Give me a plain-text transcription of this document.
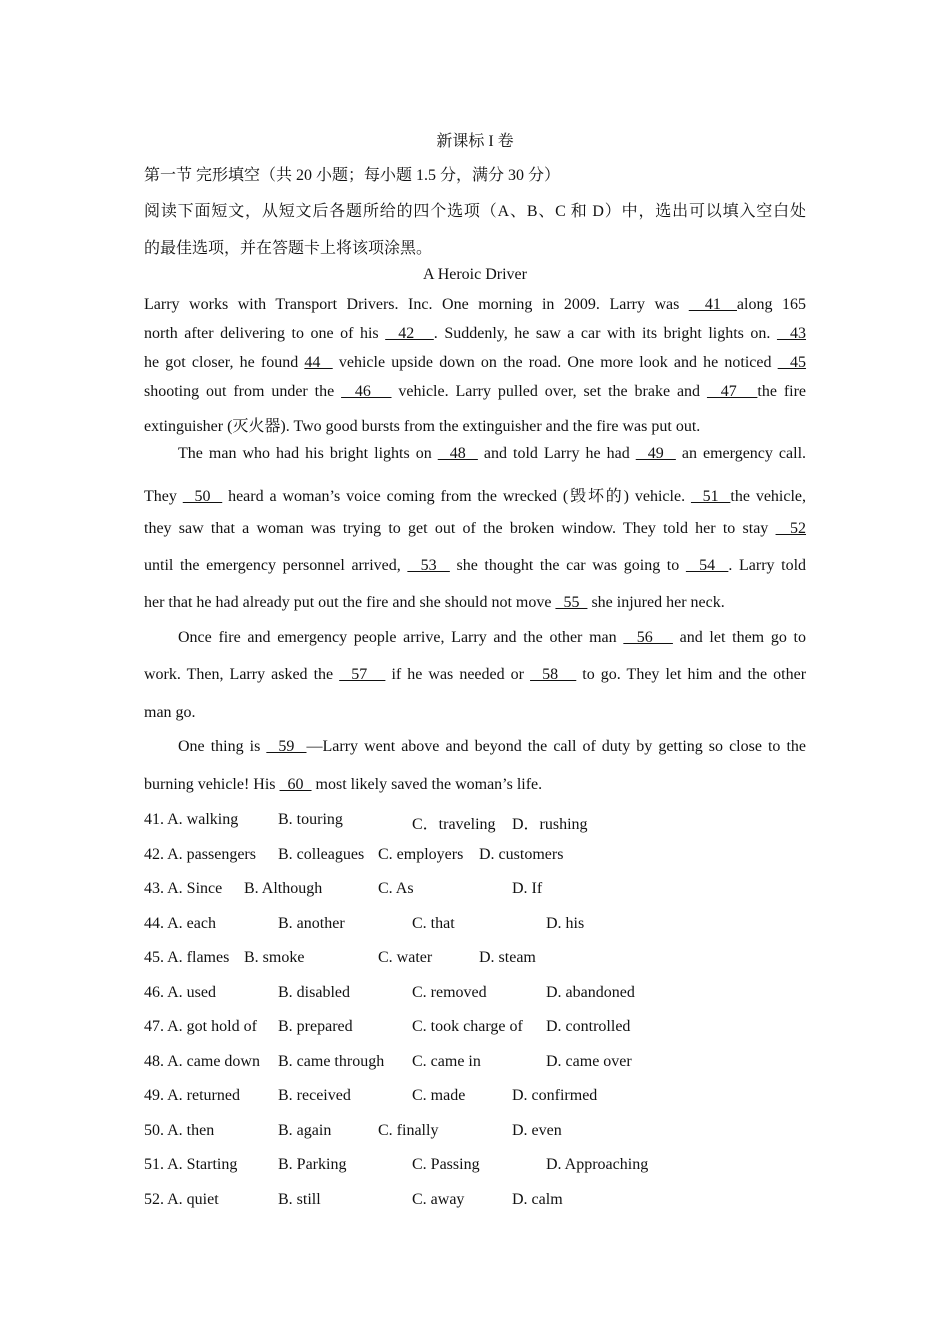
新课标 I 卷
第一节 完形填空（共 20 小题；每小题 1.5 分，满分 30 分）
阅读下面短文，从短文后各题所给的四个选项（A、B、C 和 D）中，选出可以填入空白处
的最佳选项，并在答题卡上将该项涂黑。
A Heroic Driver
Larry works with Transport Drivers. Inc. One morning in 2009. Larry was __41__along 165
north after delivering to one of his   42   . Suddenly, he saw a car with its bright lights on.   43
he got closer, he found 44   vehicle upside down on the road. One more look and he noticed   45
shooting out from under the   46    vehicle. Larry pulled over, set the brake and   47   the fire
extinguisher (灭火器). Two good bursts from the extinguisher and the fire was put out.
The man who had his bright lights on   48   and told Larry he had   49   an emergency call.
They   50   heard a woman’s voice coming from the wrecked (毁坏的) vehicle.   51  the vehicle,
they saw that a woman was trying to get out of the broken window. They told her to stay   52
until the emergency personnel arrived,   53   she thought the car was going to   54  . Larry told
her that he had already put out the fire and she should not move   55   she injured her neck.
Once fire and emergency people arrive, Larry and the other man   56    and let them go to
work. Then, Larry asked the   57    if he was needed or   58    to go. They let him and the other
man go.
One thing is   59  —Larry went above and beyond the call of duty by getting so close to the
burning vehicle! His   60   most likely saved the woman’s life.
41. A. walking B. touring	C．traveling D．rushing
42. A. passengers B. colleagues C. employers D. customers
43. A. Since B. Although	C. As	D. If
44. A. each	B. another	C. that	D. his
45. A. flames B. smoke	C. water	D. steam
46. A. used	B. disabled	C. removed	D. abandoned
47. A. got hold of B. prepared	C. took charge of D. controlled
48. A. came down B. came through C. came in	D. came over
49. A. returned B. received	C. made	D. confirmed
50. A. then	B. again	C. finally	D. even
51. A. Starting	B. Parking	C. Passing	D. Approaching
52. A. quiet	B. still	C. away	D. calm
